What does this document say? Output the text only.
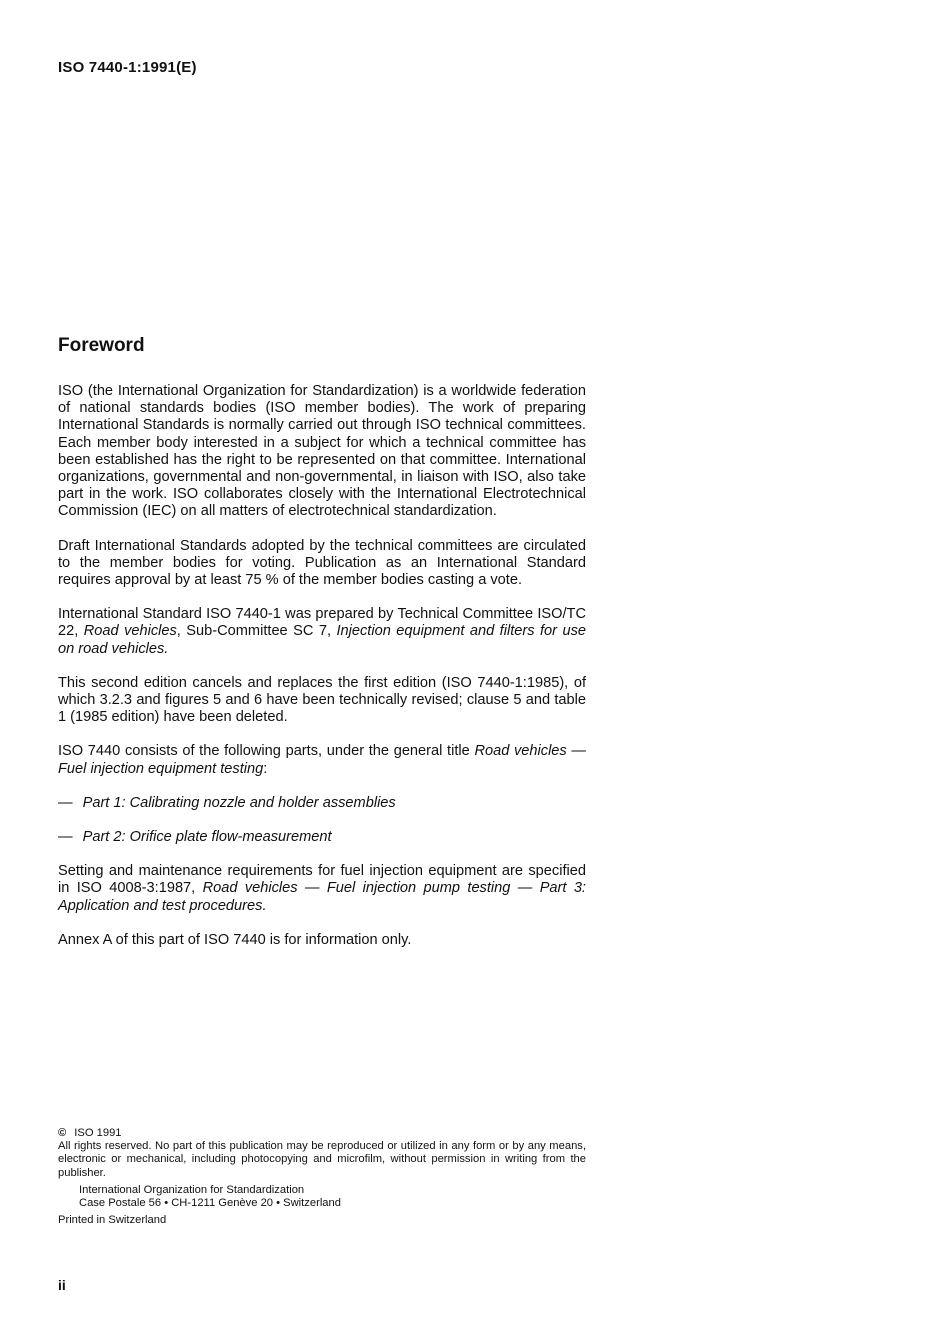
ISO 7440-1:1991(E)
Foreword

ISO (the International Organization for Standardization) is a worldwide federation of national standards bodies (ISO member bodies). The work of preparing International Standards is normally carried out through ISO technical committees. Each member body interested in a subject for which a technical committee has been established has the right to be represented on that committee. International organizations, governmental and non-governmental, in liaison with ISO, also take part in the work. ISO collaborates closely with the International Electrotechnical Commission (IEC) on all matters of electrotechnical standardization.

Draft International Standards adopted by the technical committees are circulated to the member bodies for voting. Publication as an International Standard requires approval by at least 75 % of the member bodies casting a vote.

International Standard ISO 7440-1 was prepared by Technical Committee ISO/TC 22, Road vehicles, Sub-Committee SC 7, Injection equipment and filters for use on road vehicles.

This second edition cancels and replaces the first edition (ISO 7440-1:1985), of which 3.2.3 and figures 5 and 6 have been technically revised; clause 5 and table 1 (1985 edition) have been deleted.

ISO 7440 consists of the following parts, under the general title Road vehicles — Fuel injection equipment testing:

— Part 1: Calibrating nozzle and holder assemblies

— Part 2: Orifice plate flow-measurement

Setting and maintenance requirements for fuel injection equipment are specified in ISO 4008-3:1987, Road vehicles — Fuel injection pump testing — Part 3: Application and test procedures.

Annex A of this part of ISO 7440 is for information only.

© ISO 1991
All rights reserved. No part of this publication may be reproduced or utilized in any form or by any means, electronic or mechanical, including photocopying and microfilm, without permission in writing from the publisher.
International Organization for Standardization
Case Postale 56 • CH-1211 Genève 20 • Switzerland
Printed in Switzerland
ii
